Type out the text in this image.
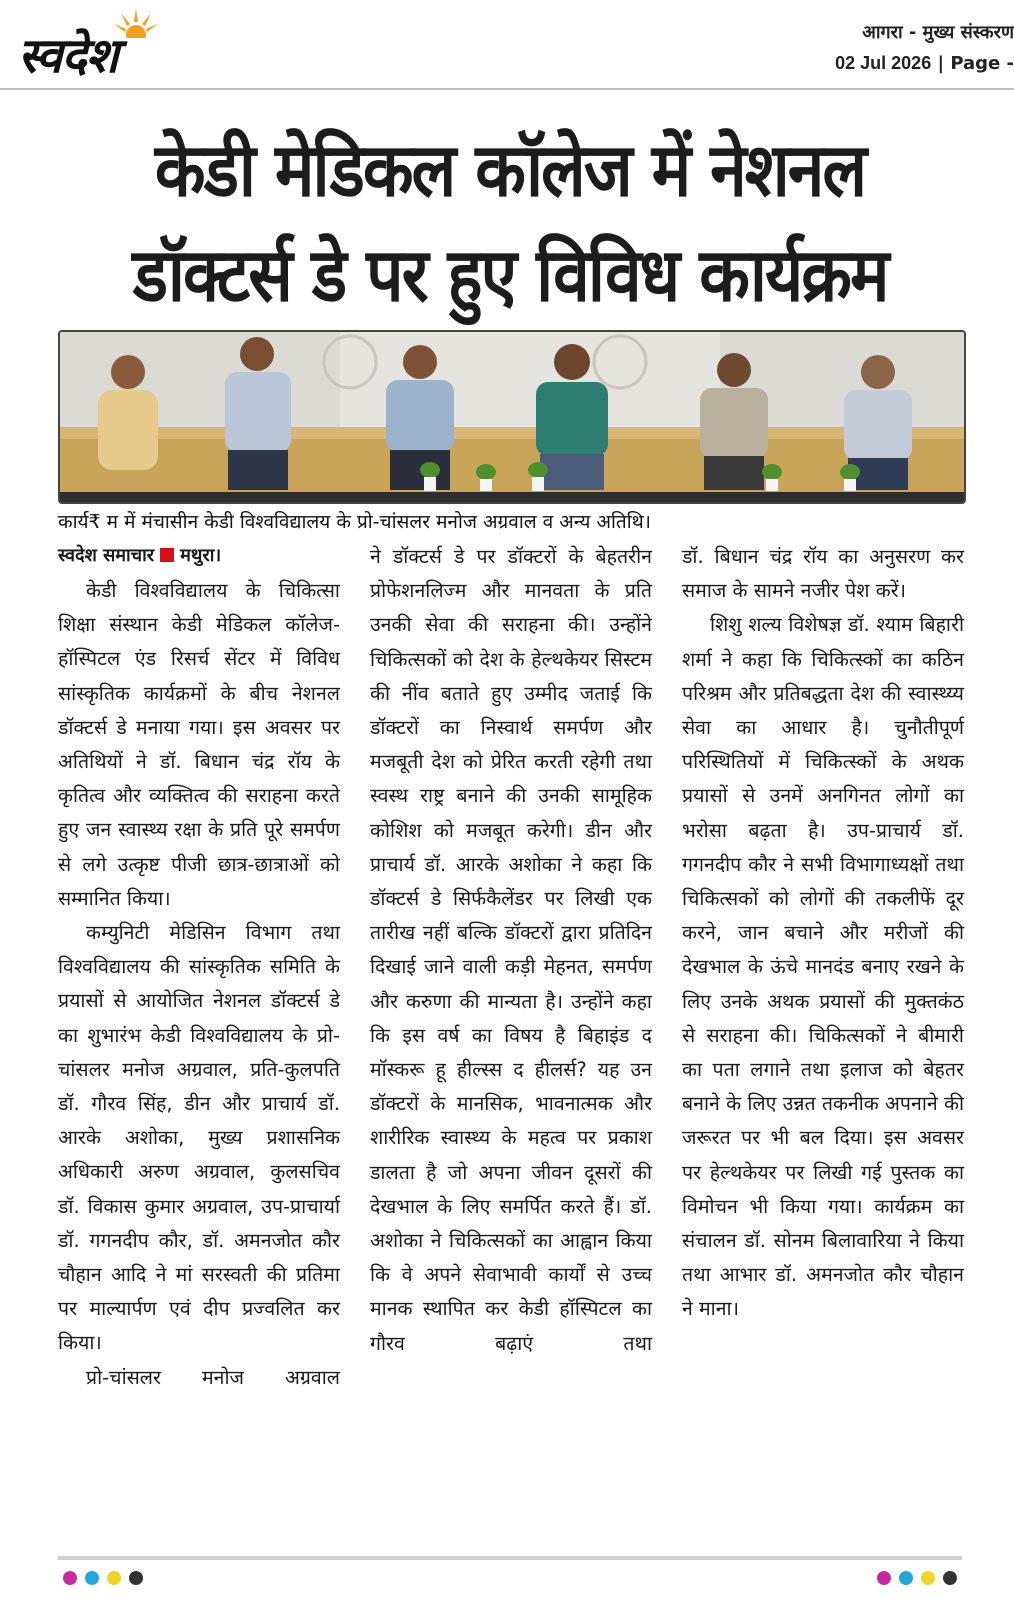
स्वदेश	आगरा - मुख्य संस्करण
02 Jul 2026 | Page -
केडी मेडिकल कॉलेज में नेशनल
डॉक्टर्स डे पर हुए विविध कार्यक्रम
कार्य₹ म में मंचासीन केडी विश्वविद्यालय के प्रो-चांसलर मनोज अग्रवाल व अन्य अतिथि।

स्वदेश समाचार मथुरा।

केडी विश्वविद्यालय के चिकित्सा शिक्षा संस्थान केडी मेडिकल कॉलेज-हॉस्पिटल एंड रिसर्च सेंटर में विविध सांस्कृतिक कार्यक्रमों के बीच नेशनल डॉक्टर्स डे मनाया गया। इस अवसर पर अतिथियों ने डॉ. बिधान चंद्र रॉय के कृतित्व और व्यक्तित्व की सराहना करते हुए जन स्वास्थ्य रक्षा के प्रति पूरे समर्पण से लगे उत्कृष्ट पीजी छात्र-छात्राओं को सम्मानित किया।

कम्युनिटी मेडिसिन विभाग तथा विश्वविद्यालय की सांस्कृतिक समिति के प्रयासों से आयोजित नेशनल डॉक्टर्स डे का शुभारंभ केडी विश्वविद्यालय के प्रो-चांसलर मनोज अग्रवाल, प्रति-कुलपति डॉ. गौरव सिंह, डीन और प्राचार्य डॉ. आरके अशोका, मुख्य प्रशासनिक अधिकारी अरुण अग्रवाल, कुलसचिव डॉ. विकास कुमार अग्रवाल, उप-प्राचार्या डॉ. गगनदीप कौर, डॉ. अमनजोत कौर चौहान आदि ने मां सरस्वती की प्रतिमा पर माल्यार्पण एवं दीप प्रज्वलित कर किया।

प्रो-चांसलर मनोज अग्रवाल

ने डॉक्टर्स डे पर डॉक्टरों के बेहतरीन प्रोफेशनलिज्म और मानवता के प्रति उनकी सेवा की सराहना की। उन्होंने चिकित्सकों को देश के हेल्थकेयर सिस्टम की नींव बताते हुए उम्मीद जताई कि डॉक्टरों का निस्वार्थ समर्पण और मजबूती देश को प्रेरित करती रहेगी तथा स्वस्थ राष्ट्र बनाने की उनकी सामूहिक कोशिश को मजबूत करेगी। डीन और प्राचार्य डॉ. आरके अशोका ने कहा कि डॉक्टर्स डे सिर्फकैलेंडर पर लिखी एक तारीख नहीं बल्कि डॉक्टरों द्वारा प्रतिदिन दिखाई जाने वाली कड़ी मेहनत, समर्पण और करुणा की मान्यता है। उन्होंने कहा कि इस वर्ष का विषय है बिहाइंड द मॉस्करू हू हील्स्स द हीलर्स? यह उन डॉक्टरों के मानसिक, भावनात्मक और शारीरिक स्वास्थ्य के महत्व पर प्रकाश डालता है जो अपना जीवन दूसरों की देखभाल के लिए समर्पित करते हैं। डॉ. अशोका ने चिकित्सकों का आह्वान किया कि वे अपने सेवाभावी कार्यों से उच्च मानक स्थापित कर केडी हॉस्पिटल का गौरव बढ़ाएं तथा

डॉ. बिधान चंद्र रॉय का अनुसरण कर समाज के सामने नजीर पेश करें।

शिशु शल्य विशेषज्ञ डॉ. श्याम बिहारी शर्मा ने कहा कि चिकित्स्कों का कठिन परिश्रम और प्रतिबद्धता देश की स्वास्थ्य्य सेवा का आधार है। चुनौतीपूर्ण परिस्थितियों में चिकित्स्कों के अथक प्रयासों से उनमें अनगिनत लोगों का भरोसा बढ़ता है। उप-प्राचार्य डॉ. गगनदीप कौर ने सभी विभागाध्यक्षों तथा चिकित्सकों को लोगों की तकलीफें दूर करने, जान बचाने और मरीजों की देखभाल के ऊंचे मानदंड बनाए रखने के लिए उनके अथक प्रयासों की मुक्तकंठ से सराहना की। चिकित्सकों ने बीमारी का पता लगाने तथा इलाज को बेहतर बनाने के लिए उन्नत तकनीक अपनाने की जरूरत पर भी बल दिया। इस अवसर पर हेल्थकेयर पर लिखी गई पुस्तक का विमोचन भी किया गया। कार्यक्रम का संचालन डॉ. सोनम बिलावारिया ने किया तथा आभार डॉ. अमनजोत कौर चौहान ने माना।
